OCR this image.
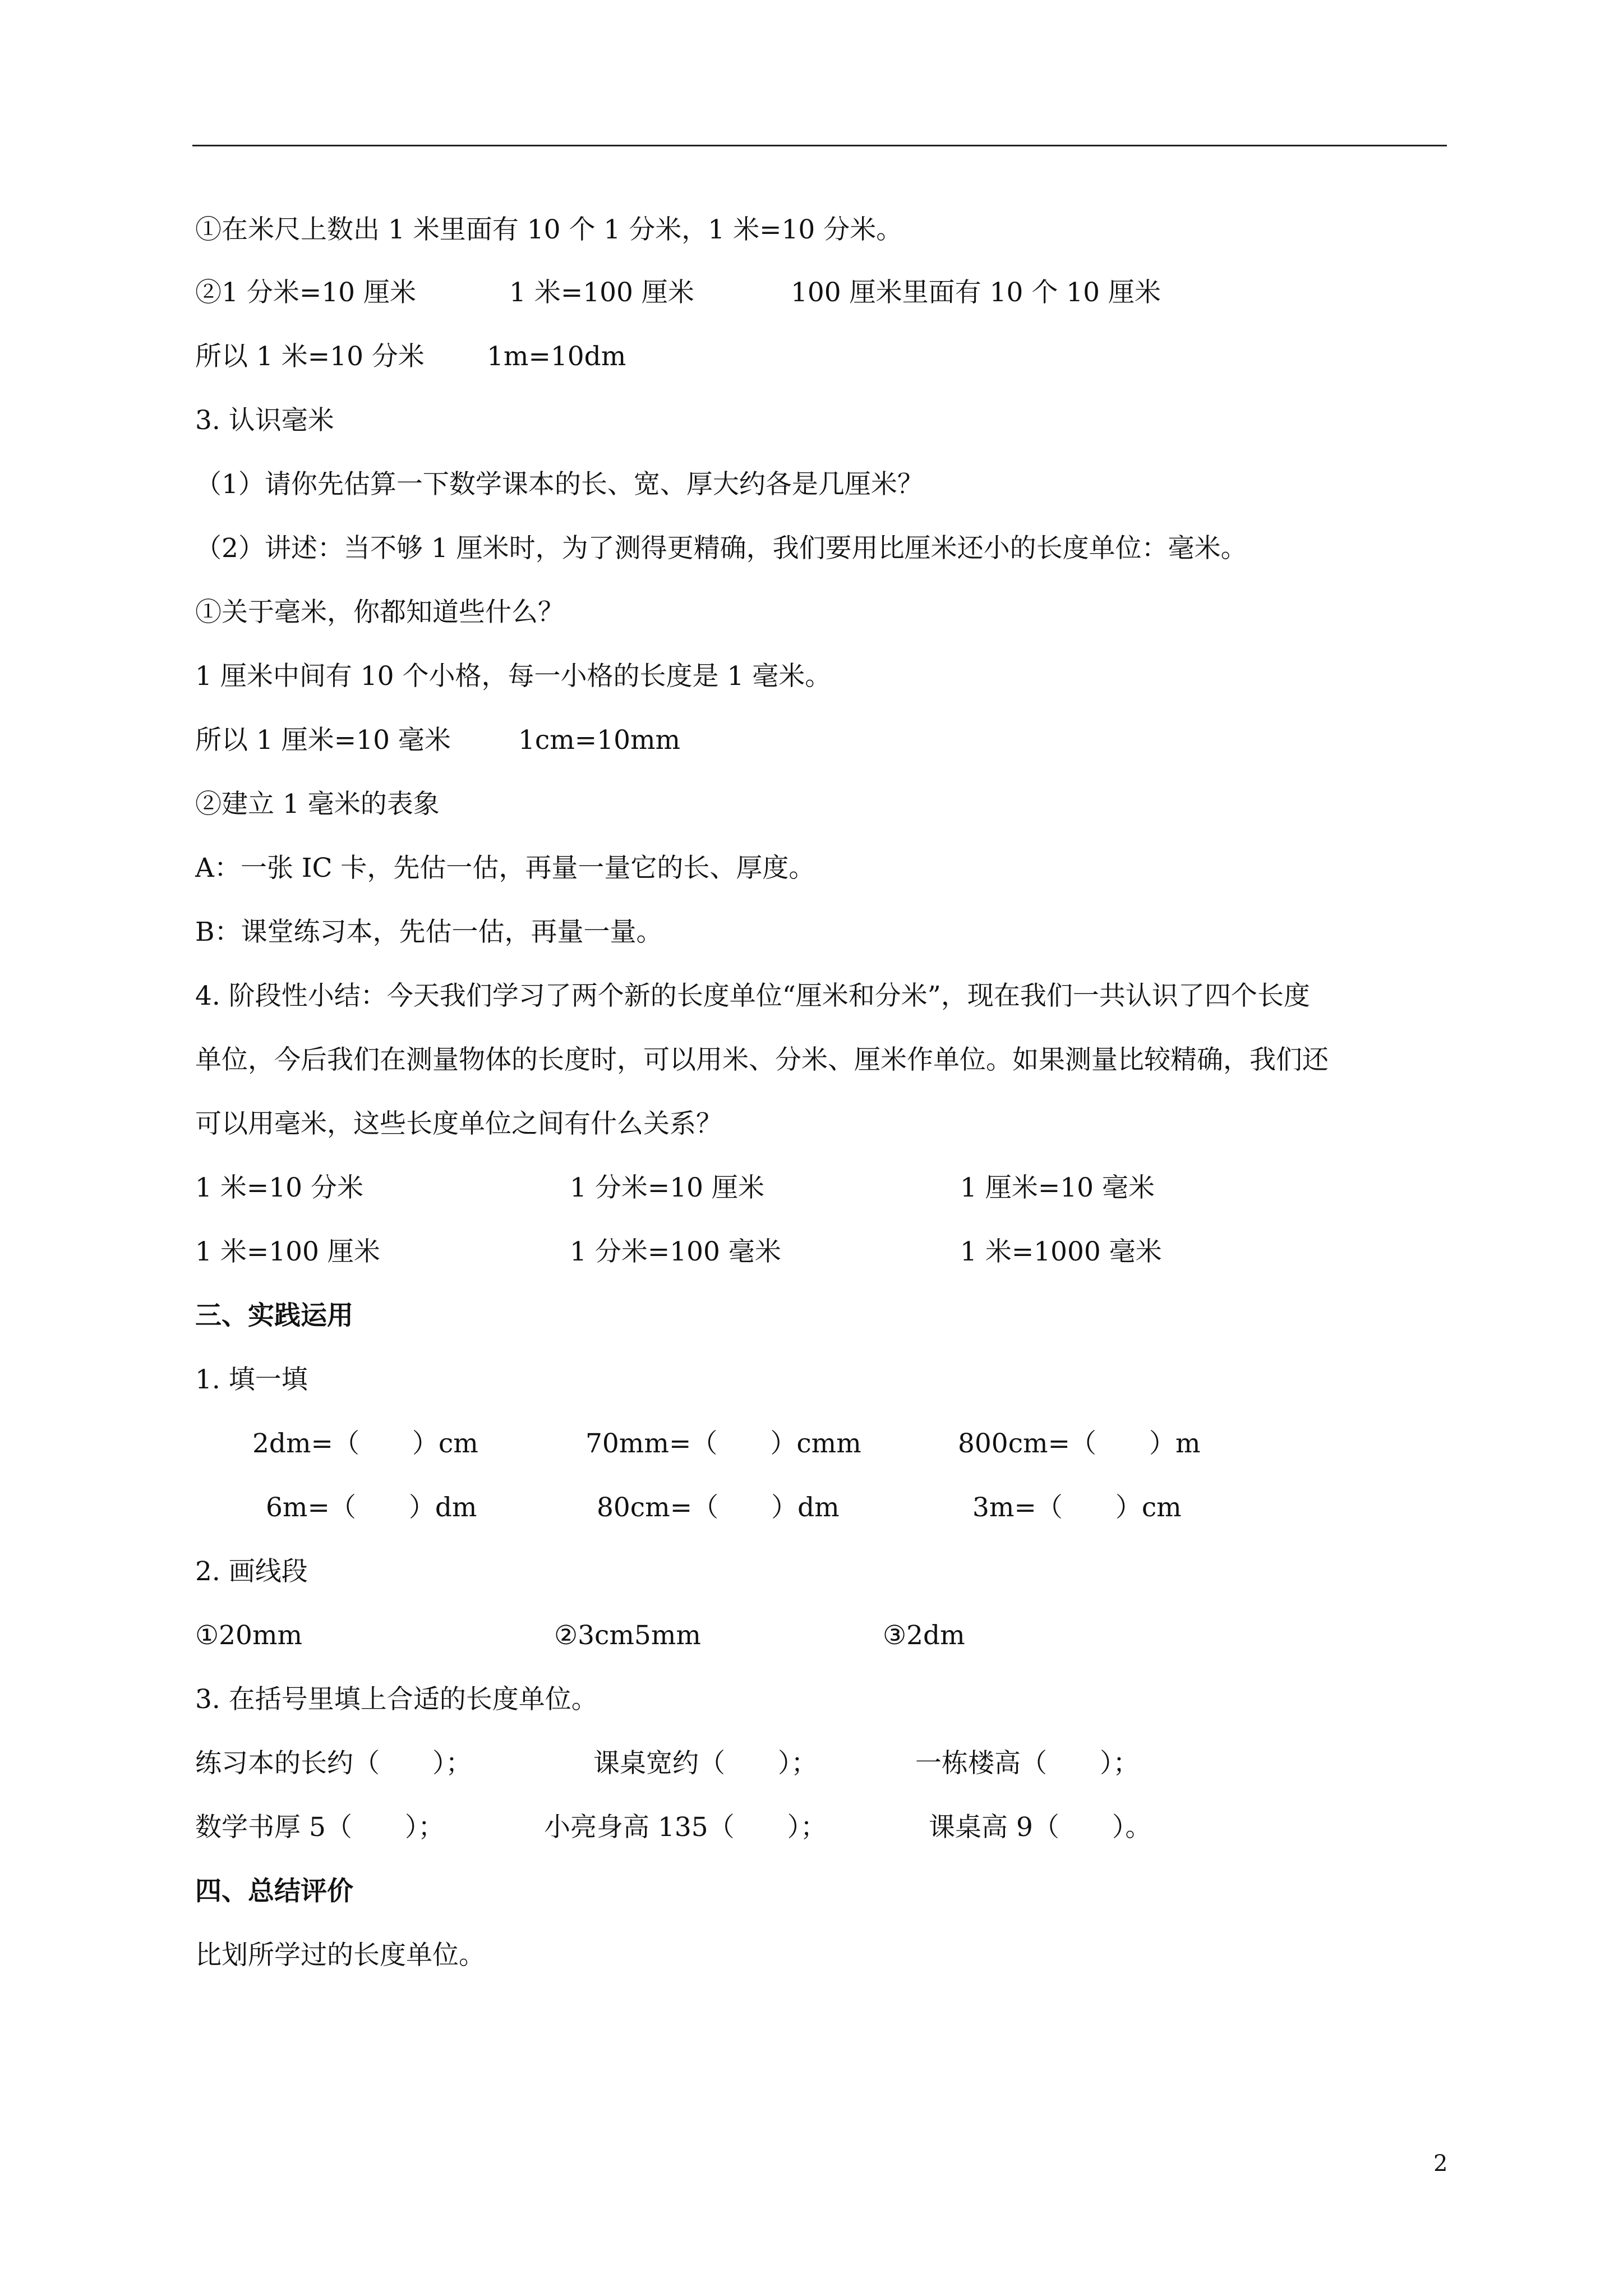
①在米尺上数出 1 米里面有 10 个 1 分米，1 米=10 分米。
②1 分米=10 厘米	1 米=100 厘米	100 厘米里面有 10 个 10 厘米
所以 1 米=10 分米 1m=10dm
3. 认识毫米
（1）请你先估算一下数学课本的长、宽、厚大约各是几厘米？
（2）讲述：当不够 1 厘米时，为了测得更精确，我们要用比厘米还小的长度单位：毫米。
①关于毫米，你都知道些什么？
1 厘米中间有 10 个小格，每一小格的长度是 1 毫米。
所以 1 厘米=10 毫米	1cm=10mm
②建立 1 毫米的表象
A：一张 IC 卡，先估一估，再量一量它的长、厚度。
B：课堂练习本，先估一估，再量一量。
4. 阶段性小结：今天我们学习了两个新的长度单位“厘米和分米”，现在我们一共认识了四个长度
单位，今后我们在测量物体的长度时，可以用米、分米、厘米作单位。如果测量比较精确，我们还
可以用毫米，这些长度单位之间有什么关系？
1 米=10 分米	1 分米=10 厘米	1 厘米=10 毫米
1 米=100 厘米	1 分米=100 毫米	1 米=1000 毫米
三、实践运用
1. 填一填
2dm=（　　）cm	70mm=（　　）cmm	800cm=（　　）m
6m=（　　）dm	80cm=（　　）dm	3m=（　　）cm
2. 画线段
①20mm	②3cm5mm	③2dm
3. 在括号里填上合适的长度单位。
练习本的长约（　　）；	课桌宽约（　　）；	一栋楼高（　　）；
数学书厚 5（　　）；	小亮身高 135（　　）；	课桌高 9（　　）。
四、总结评价
比划所学过的长度单位。
2
